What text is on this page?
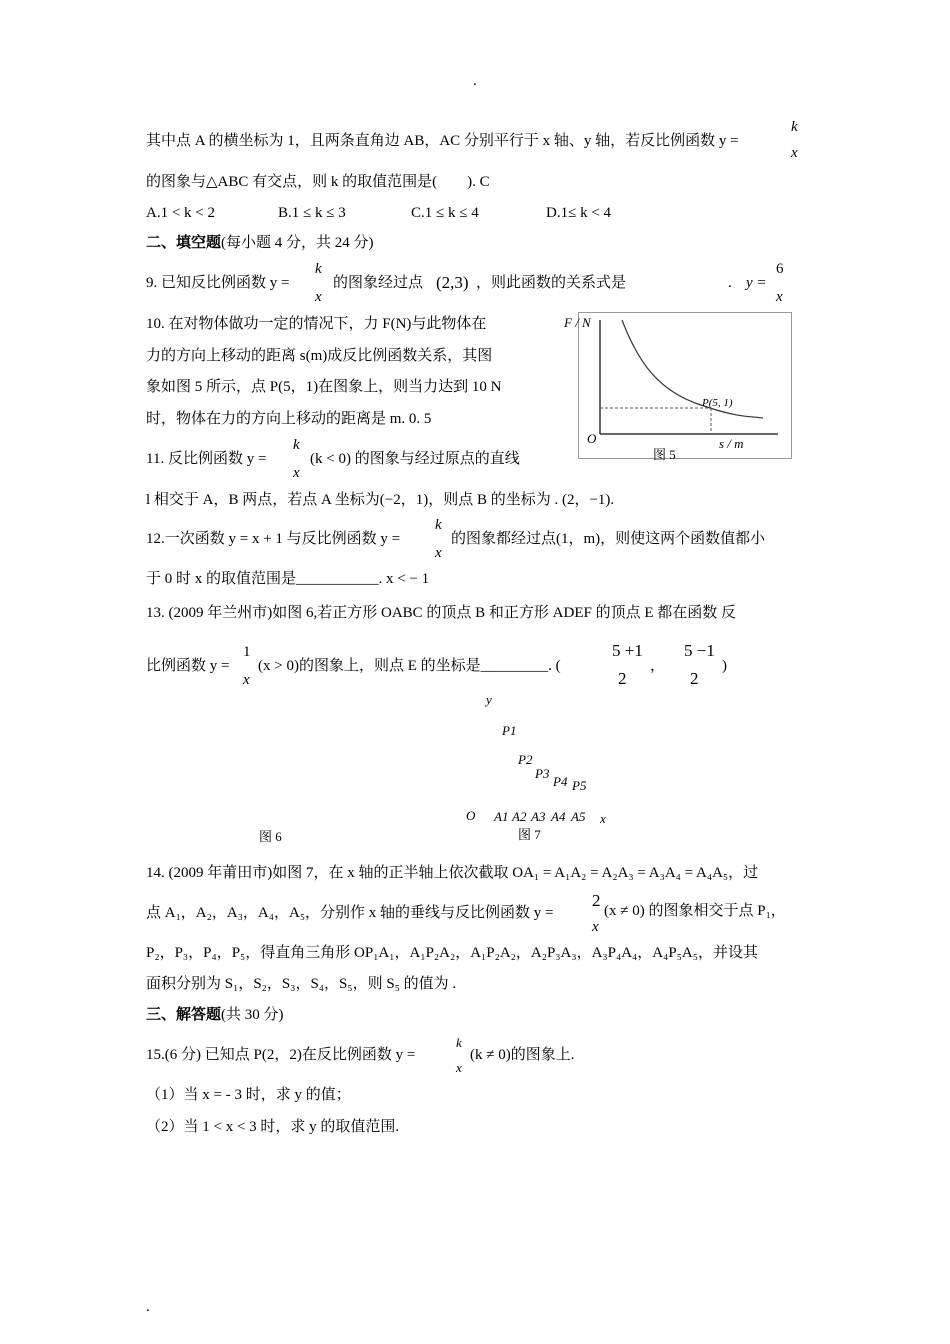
.
.
其中点 A 的横坐标为 1，且两条直角边 AB，AC 分别平行于 x 轴、y 轴，若反比例函数 y =
k
x
的图象与△ABC 有交点，则 k 的取值范围是(　　). C
A.1 < k < 2	B.1 ≤ k ≤ 3	C.1 ≤ k ≤ 4	D.1≤ k < 4
二、填空题(每小题 4 分，共 24 分)
9. 已知反比例函数 y =
k
x
的图象经过点 (2,3) ，则此函数的关系式是	. y =
6
x
10. 在对物体做功一定的情况下，力 F(N)与此物体在
力的方向上移动的距离 s(m)成反比例函数关系，其图
象如图 5 所示，点 P(5，1)在图象上，则当力达到 10 N
时，物体在力的方向上移动的距离是 m. 0. 5
F / N
O
P(5, 1)
s / m
图 5
11. 反比例函数 y =
k
x
(k < 0) 的图象与经过原点的直线
l 相交于 A，B 两点，若点 A 坐标为(−2，1)，则点 B 的坐标为 . (2，−1).
12.一次函数 y = x + 1 与反比例函数 y =
k
x
的图象都经过点(1，m)，则使这两个函数值都小
于 0 时 x 的取值范围是___________. x < − 1
13. (2009 年兰州市)如图 6,若正方形 OABC 的顶点 B 和正方形 ADEF 的顶点 E 都在函数 反
比例函数 y =
1
x
(x > 0)的图象上，则点 E 的坐标是_________. (
5 +1
2
，
5 −1
2
)
y
P1
P2
P3
P4 P5
O A1 A2 A3 A4 A5 x
图 6	图 7
14. (2009 年莆田市)如图 7，在 x 轴的正半轴上依次截取 OA₁ = A₁A₂ = A₂A₃ = A₃A₄ = A₄A₅，过
点 A₁，A₂，A₃，A₄，A₅，分别作 x 轴的垂线与反比例函数 y =
2
x
(x ≠ 0) 的图象相交于点 P₁，
P₂，P₃，P₄，P₅，得直角三角形 OP₁A₁，A₁P₂A₂，A₁P₂A₂，A₂P₃A₃，A₃P₄A₄，A₄P₅A₅，并设其
面积分别为 S₁，S₂，S₃，S₄，S₅，则 S₅ 的值为 .
三、解答题(共 30 分)
15.(6 分) 已知点 P(2，2)在反比例函数 y =
k
x
(k ≠ 0)的图象上.
（1）当 x = - 3 时，求 y 的值；
（2）当 1 < x < 3 时，求 y 的取值范围.
